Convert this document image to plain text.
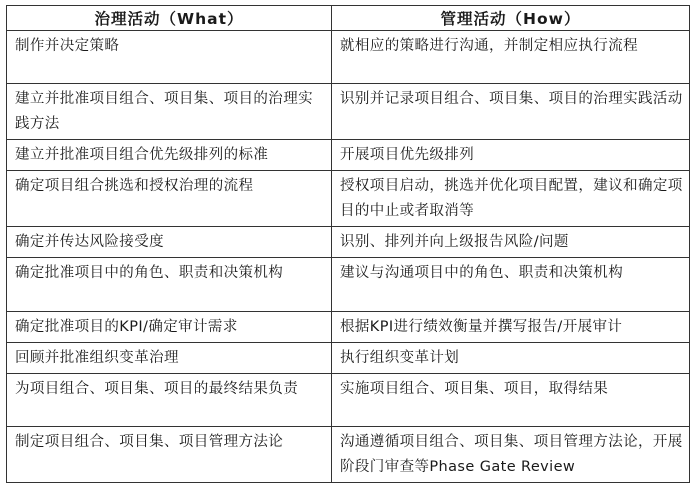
治理活动（What）	管理活动（How）
制作并决定策略	就相应的策略进行沟通，并制定相应执行流程
建立并批准项目组合、项目集、项目的治理实践方法	识别并记录项目组合、项目集、项目的治理实践活动
建立并批准项目组合优先级排列的标准	开展项目优先级排列
确定项目组合挑选和授权治理的流程	授权项目启动，挑选并优化项目配置，建议和确定项目的中止或者取消等
确定并传达风险接受度	识别、排列并向上级报告风险/问题
确定批准项目中的角色、职责和决策机构	建议与沟通项目中的角色、职责和决策机构
确定批准项目的KPI/确定审计需求	根据KPI进行绩效衡量并撰写报告/开展审计
回顾并批准组织变革治理	执行组织变革计划
为项目组合、项目集、项目的最终结果负责	实施项目组合、项目集、项目，取得结果
制定项目组合、项目集、项目管理方法论	沟通遵循项目组合、项目集、项目管理方法论，开展阶段门审查等Phase Gate Review
